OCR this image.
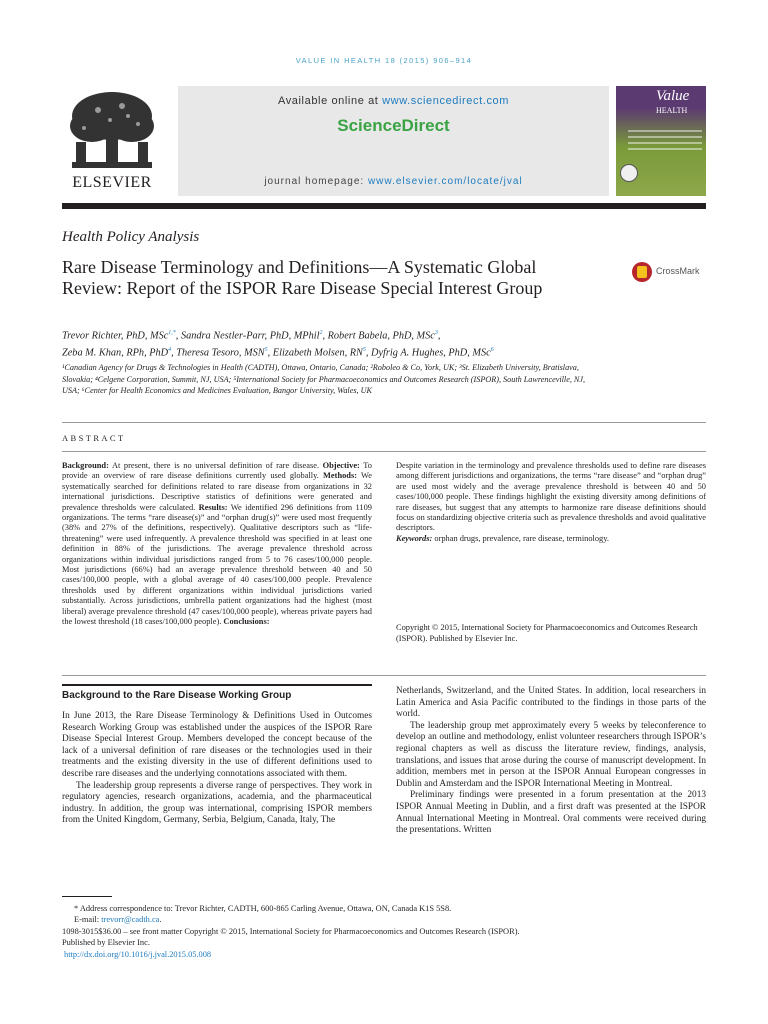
VALUE IN HEALTH 18 (2015) 906–914
ELSEVIER
Available online at www.sciencedirect.com
ScienceDirect
journal homepage: www.elsevier.com/locate/jval
Value
HEALTH
Health Policy Analysis
Rare Disease Terminology and Definitions—A Systematic Global Review: Report of the ISPOR Rare Disease Special Interest Group
CrossMark
Trevor Richter, PhD, MSc$^{1,*}$, Sandra Nestler-Parr, PhD, MPhil$^2$, Robert Babela, PhD, MSc$^3$,
Zeba M. Khan, RPh, PhD$^4$, Theresa Tesoro, MSN$^5$, Elizabeth Molsen, $RN^5$, Dyfrig A. Hughes, PhD, MSc$^6$
¹Canadian Agency for Drugs & Technologies in Health (CADTH), Ottawa, Ontario, Canada; ²Roboleo & Co, York, UK; ³St. Elizabeth University, Bratislava, Slovakia; ⁴Celgene Corporation, Summit, NJ, USA; ⁵International Society for Pharmacoeconomics and Outcomes Research (ISPOR), South Lawrenceville, NJ, USA; ⁶Center for Health Economics and Medicines Evaluation, Bangor University, Wales, UK
ABSTRACT
Background: At present, there is no universal definition of rare disease. Objective: To provide an overview of rare disease definitions currently used globally. Methods: We systematically searched for definitions related to rare disease from organizations in 32 international jurisdictions. Descriptive statistics of definitions were generated and prevalence thresholds were calculated. Results: We identified 296 definitions from 1109 organizations. The terms “rare disease(s)” and “orphan drug(s)” were used most frequently (38% and 27% of the definitions, respectively). Qualitative descriptors such as “life-threatening” were used infrequently. A prevalence threshold was specified in at least one definition in 88% of the jurisdictions. The average prevalence threshold across organizations within individual jurisdictions ranged from 5 to 76 cases/100,000 people. Most jurisdictions (66%) had an average prevalence threshold between 40 and 50 cases/100,000 people, with a global average of 40 cases/100,000 people. Prevalence thresholds used by different organizations within individual jurisdictions varied substantially. Across jurisdictions, umbrella patient organizations had the highest (most liberal) average prevalence threshold (47 cases/100,000 people), whereas private payers had the lowest threshold (18 cases/100,000 people). Conclusions:
Despite variation in the terminology and prevalence thresholds used to define rare diseases among different jurisdictions and organizations, the terms “rare disease” and “orphan drug” are used most widely and the average prevalence threshold is between 40 and 50 cases/100,000 people. These findings highlight the existing diversity among definitions of rare diseases, but suggest that any attempts to harmonize rare disease definitions should focus on standardizing objective criteria such as prevalence thresholds and avoid qualitative descriptors.
Keywords: orphan drugs, prevalence, rare disease, terminology.
Copyright © 2015, International Society for Pharmacoeconomics and Outcomes Research (ISPOR). Published by Elsevier Inc.
Background to the Rare Disease Working Group

In June 2013, the Rare Disease Terminology & Definitions Used in Outcomes Research Working Group was established under the auspices of the ISPOR Rare Disease Special Interest Group. Members developed the concept because of the lack of a universal definition of rare diseases or the technologies used in their treatments and the existing diversity in the use of different definitions used to describe rare diseases and the underlying connotations associated with them.

The leadership group represents a diverse range of perspectives. They work in regulatory agencies, research organizations, academia, and the pharmaceutical industry. In addition, the group was international, comprising ISPOR members from the United Kingdom, Germany, Serbia, Belgium, Canada, Italy, The

Netherlands, Switzerland, and the United States. In addition, local researchers in Latin America and Asia Pacific contributed to the findings in those parts of the world.

The leadership group met approximately every 5 weeks by teleconference to develop an outline and methodology, enlist volunteer researchers through ISPOR’s regional chapters as well as discuss the literature review, findings, analysis, translations, and issues that arose during the course of manuscript development. In addition, members met in person at the ISPOR Annual European congresses in Dublin and Amsterdam and the ISPOR International Meeting in Montreal.

Preliminary findings were presented in a forum presentation at the 2013 ISPOR Annual Meeting in Dublin, and a first draft was presented at the ISPOR Annual International Meeting in Montreal. Oral comments were received during the presentations. Written

* Address correspondence to: Trevor Richter, CADTH, 600-865 Carling Avenue, Ottawa, ON, Canada K1S 5S8.
E-mail: trevorr@cadth.ca.
1098-3015$36.00 – see front matter Copyright © 2015, International Society for Pharmacoeconomics and Outcomes Research (ISPOR).
Published by Elsevier Inc.
http://dx.doi.org/10.1016/j.jval.2015.05.008
